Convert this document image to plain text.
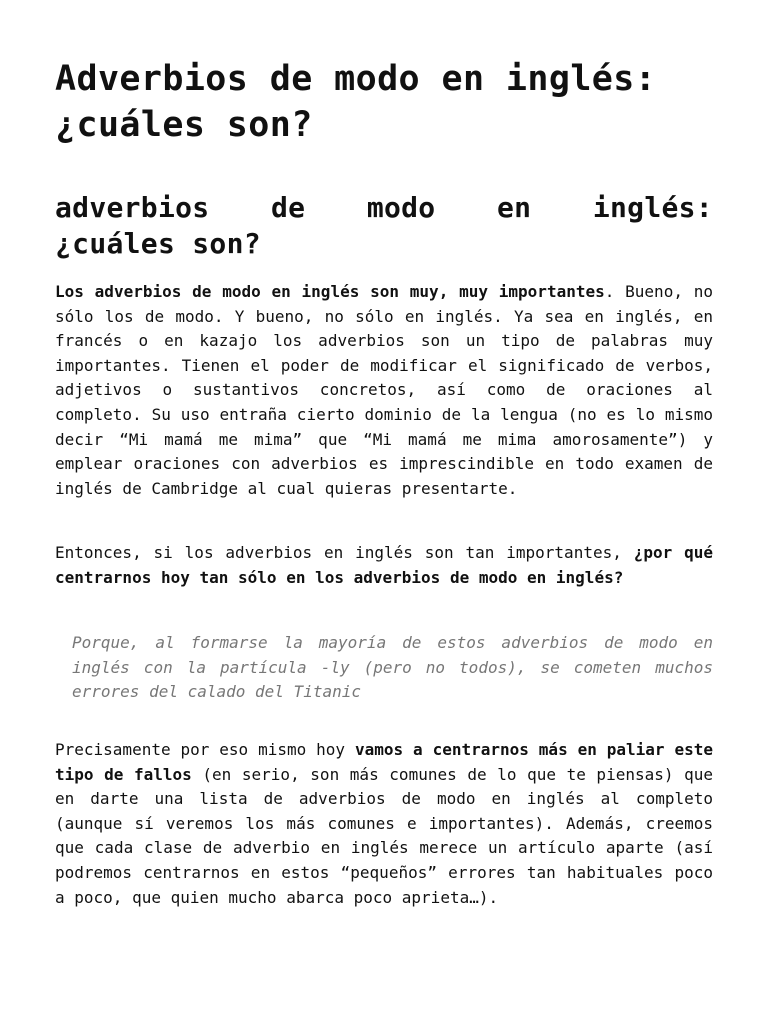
Adverbios de modo en inglés: ¿cuáles son?
adverbios de modo en inglés:
¿cuáles son?

Los adverbios de modo en inglés son muy, muy importantes. Bueno, no sólo los de modo. Y bueno, no sólo en inglés. Ya sea en inglés, en francés o en kazajo los adverbios son un tipo de palabras muy importantes. Tienen el poder de modificar el significado de verbos, adjetivos o sustantivos concretos, así como de oraciones al completo. Su uso entraña cierto dominio de la lengua (no es lo mismo decir “Mi mamá me mima” que “Mi mamá me mima amorosamente”) y emplear oraciones con adverbios es imprescindible en todo examen de inglés de Cambridge al cual quieras presentarte.

Entonces, si los adverbios en inglés son tan importantes, ¿por qué centrarnos hoy tan sólo en los adverbios de modo en inglés?

Porque, al formarse la mayoría de estos adverbios de modo en inglés con la partícula -ly (pero no todos), se cometen muchos errores del calado del Titanic

Precisamente por eso mismo hoy vamos a centrarnos más en paliar este tipo de fallos (en serio, son más comunes de lo que te piensas) que en darte una lista de adverbios de modo en inglés al completo (aunque sí veremos los más comunes e importantes). Además, creemos que cada clase de adverbio en inglés merece un artículo aparte (así podremos centrarnos en estos “pequeños” errores tan habituales poco a poco, que quien mucho abarca poco aprieta…).
